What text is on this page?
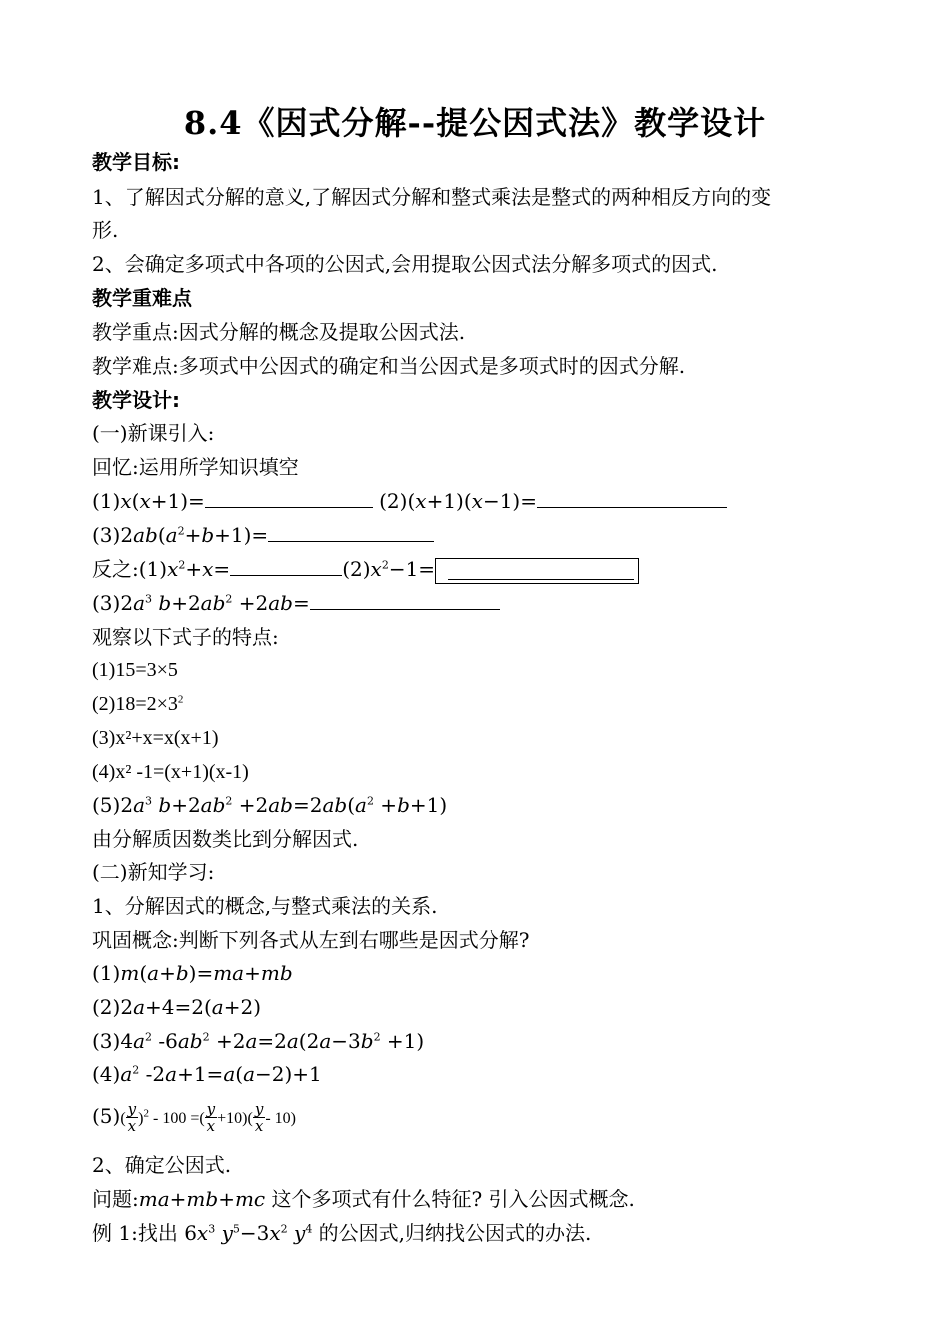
8.4《因式分解--提公因式法》教学设计
教学目标:
1、了解因式分解的意义,了解因式分解和整式乘法是整式的两种相反方向的变
形.
2、会确定多项式中各项的公因式,会用提取公因式法分解多项式的因式.
教学重难点
教学重点:因式分解的概念及提取公因式法.
教学难点:多项式中公因式的确定和当公因式是多项式时的因式分解.
教学设计:
(一)新课引入:
回忆:运用所学知识填空
(1)x(x+1)=	(2)(x+1)(x−1)=
$(3)2ab(a^2+b+1)=$
反之$:(1)x^2+x=$	$(2)x^2-1=$
$(3)2a^3$ $b+2ab^2 +2ab=$
观察以下式子的特点:
(1)15=3×5
$(2)18=2\times 3^2$
(3)x²+x=x(x+1)
(4)x² -1=(x+1)(x-1)
$(5)2a^3$ $b+2ab^2 +2ab=2ab(a^2 +b+1)$
由分解质因数类比到分解因式.
(二)新知学习:
1、分解因式的概念,与整式乘法的关系.
巩固概念:判断下列各式从左到右哪些是因式分解?
(1)m(a+b)=ma+mb
(2)2a+4=2(a+2)
$(3)4a^2$ $-6ab^2 +2a=2a(2a-3b^2 +1)$
$(4)a^2$ -2a+1=a(a−2)+1
$(5)( \frac{y}{x} )^2 - 100$ =( $\frac{y}{x} +10)( \frac{y}{x} - 10)$
2、确定公因式.
问题:ma+mb+mc 这个多项式有什么特征? 引入公因式概念.
例 1:找出 $6x^3$ $y^5-3x^2$ $y^4$ 的公因式,归纳找公因式的办法.
